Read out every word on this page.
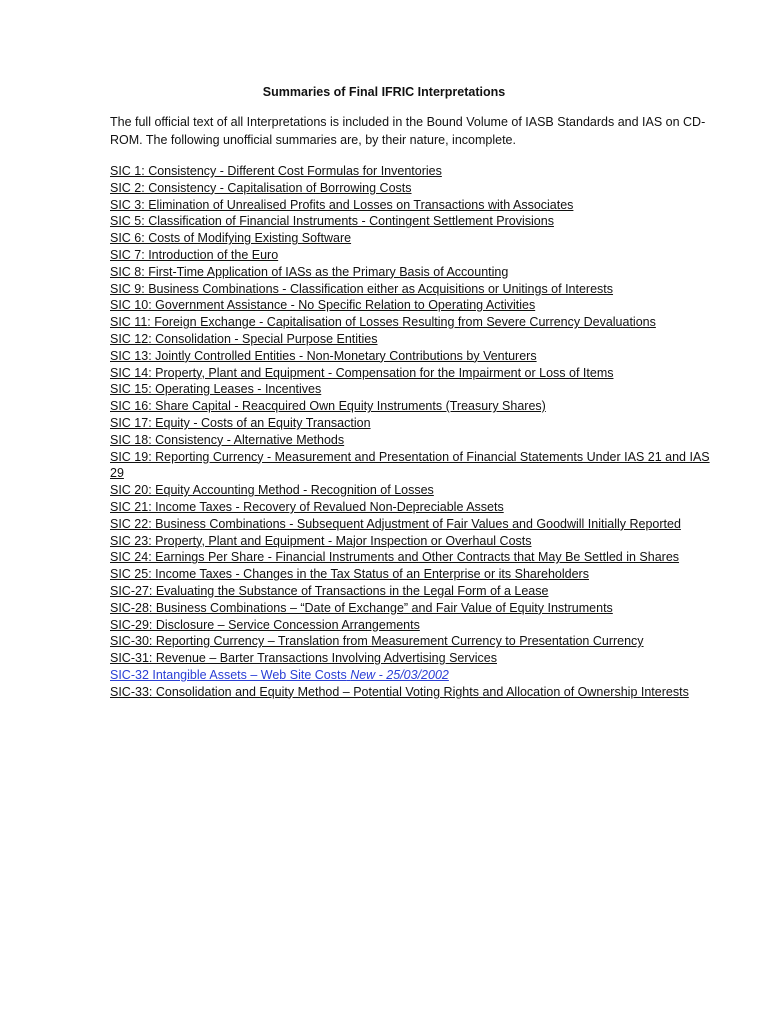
Summaries of Final IFRIC Interpretations

The full official text of all Interpretations is included in the Bound Volume of IASB Standards and IAS on CD-ROM. The following unofficial summaries are, by their nature, incomplete.

SIC 1: Consistency - Different Cost Formulas for Inventories
SIC 2: Consistency - Capitalisation of Borrowing Costs
SIC 3: Elimination of Unrealised Profits and Losses on Transactions with Associates
SIC 5: Classification of Financial Instruments - Contingent Settlement Provisions
SIC 6: Costs of Modifying Existing Software
SIC 7: Introduction of the Euro
SIC 8: First-Time Application of IASs as the Primary Basis of Accounting
SIC 9: Business Combinations - Classification either as Acquisitions or Unitings of Interests
SIC 10: Government Assistance - No Specific Relation to Operating Activities
SIC 11: Foreign Exchange - Capitalisation of Losses Resulting from Severe Currency Devaluations
SIC 12: Consolidation - Special Purpose Entities
SIC 13: Jointly Controlled Entities - Non-Monetary Contributions by Venturers
SIC 14: Property, Plant and Equipment - Compensation for the Impairment or Loss of Items
SIC 15: Operating Leases - Incentives
SIC 16: Share Capital - Reacquired Own Equity Instruments (Treasury Shares)
SIC 17: Equity - Costs of an Equity Transaction
SIC 18: Consistency - Alternative Methods
SIC 19: Reporting Currency - Measurement and Presentation of Financial Statements Under IAS 21 and IAS 29
SIC 20: Equity Accounting Method - Recognition of Losses
SIC 21: Income Taxes - Recovery of Revalued Non-Depreciable Assets
SIC 22: Business Combinations - Subsequent Adjustment of Fair Values and Goodwill Initially Reported
SIC 23: Property, Plant and Equipment - Major Inspection or Overhaul Costs
SIC 24: Earnings Per Share - Financial Instruments and Other Contracts that May Be Settled in Shares
SIC 25: Income Taxes - Changes in the Tax Status of an Enterprise or its Shareholders
SIC-27: Evaluating the Substance of Transactions in the Legal Form of a Lease
SIC-28: Business Combinations – “Date of Exchange” and Fair Value of Equity Instruments
SIC-29: Disclosure – Service Concession Arrangements
SIC-30: Reporting Currency – Translation from Measurement Currency to Presentation Currency
SIC-31: Revenue – Barter Transactions Involving Advertising Services
SIC-32 Intangible Assets – Web Site Costs New - 25/03/2002
SIC-33: Consolidation and Equity Method – Potential Voting Rights and Allocation of Ownership Interests
